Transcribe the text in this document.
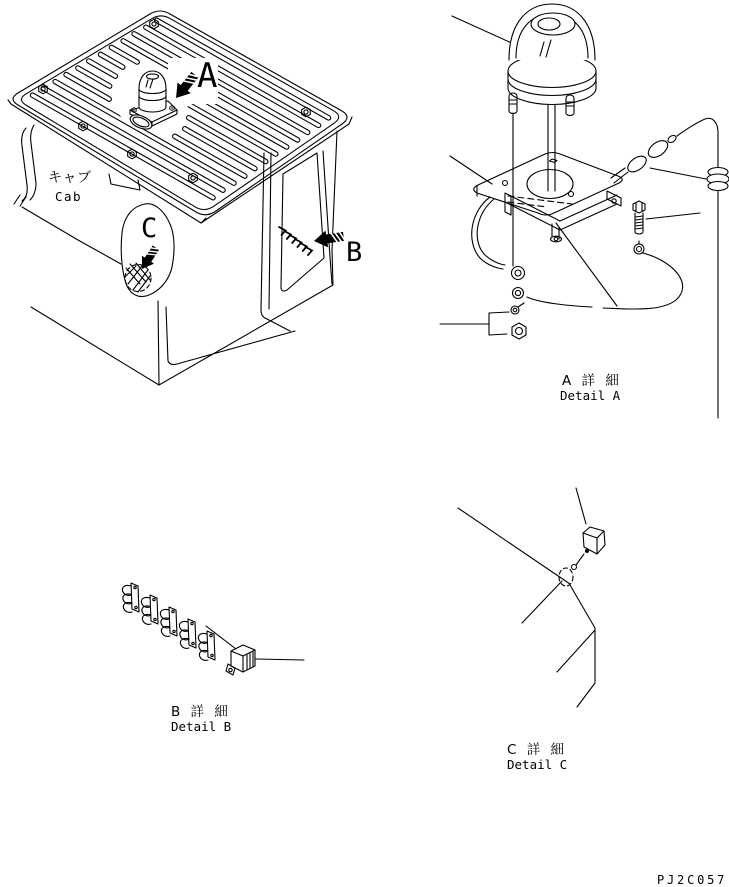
A
B
C
キャブ
Cab
A 詳 細
Detail A
B 詳 細
Detail B
C 詳 細
Detail C
PJ2C057
